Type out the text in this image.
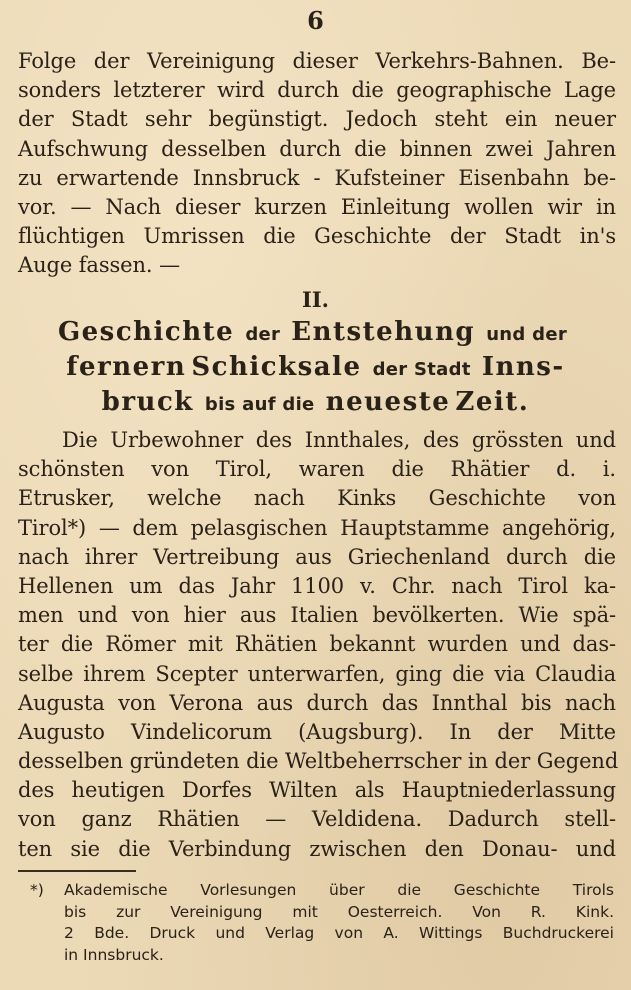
6
Folge der Vereinigung dieser Verkehrs-Bahnen. Be-
sonders letzterer wird durch die geographische Lage
der Stadt sehr begünstigt. Jedoch steht ein neuer
Aufschwung desselben durch die binnen zwei Jahren
zu erwartende Innsbruck - Kufsteiner Eisenbahn be-
vor. — Nach dieser kurzen Einleitung wollen wir in
flüchtigen Umrissen die Geschichte der Stadt in's
Auge fassen. —
II.
Geschichte der Entstehung und der
fernern Schicksale der Stadt Inns-
bruck bis auf die neueste Zeit.
Die Urbewohner des Innthales, des grössten und
schönsten von Tirol, waren die Rhätier d. i.
Etrusker, welche nach Kinks Geschichte von
Tirol*) — dem pelasgischen Hauptstamme angehörig,
nach ihrer Vertreibung aus Griechenland durch die
Hellenen um das Jahr 1100 v. Chr. nach Tirol ka-
men und von hier aus Italien bevölkerten. Wie spä-
ter die Römer mit Rhätien bekannt wurden und das-
selbe ihrem Scepter unterwarfen, ging die via Claudia
Augusta von Verona aus durch das Innthal bis nach
Augusto Vindelicorum (Augsburg). In der Mitte
desselben gründeten die Weltbeherrscher in der Gegend
des heutigen Dorfes Wilten als Hauptniederlassung
von ganz Rhätien — Veldidena. Dadurch stell-
ten sie die Verbindung zwischen den Donau- und
*) Akademische Vorlesungen über die Geschichte Tirols
bis zur Vereinigung mit Oesterreich. Von R. Kink.
2 Bde. Druck und Verlag von A. Wittings Buchdruckerei
in Innsbruck.
